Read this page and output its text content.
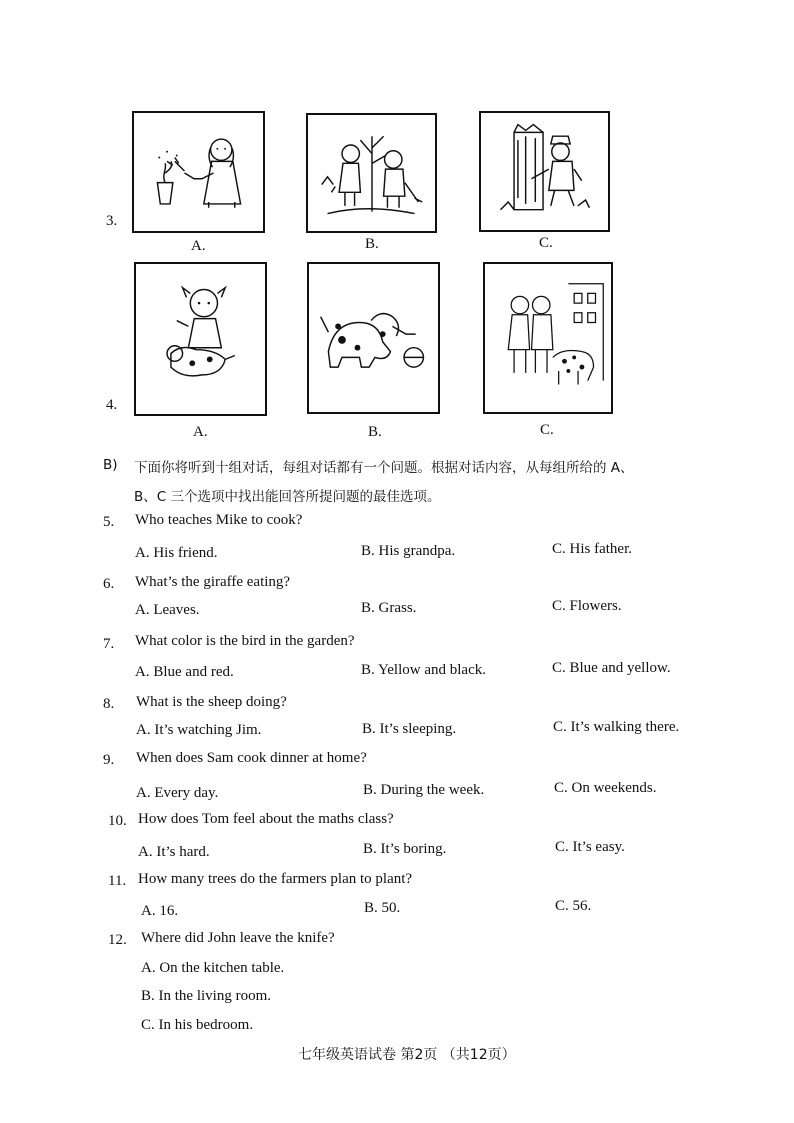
3.
A.	B.	C.
4.
A.	B.	C.
B) 下面你将听到十组对话，每组对话都有一个问题。根据对话内容，从每组所给的 A、
B、C 三个选项中找出能回答所提问题的最佳选项。
5. Who teaches Mike to cook?
A. His friend.	B. His grandpa.	C. His father.
6. What’s the giraffe eating?
A. Leaves.	B. Grass.	C. Flowers.
7. What color is the bird in the garden?
A. Blue and red.	B. Yellow and black.	C. Blue and yellow.
8. What is the sheep doing?
A. It’s watching Jim.	B. It’s sleeping.	C. It’s walking there.
9. When does Sam cook dinner at home?
A. Every day.	B. During the week.	C. On weekends.
10. How does Tom feel about the maths class?
A. It’s hard.	B. It’s boring.	C. It’s easy.
11. How many trees do the farmers plan to plant?
A. 16.	B. 50.	C. 56.
12. Where did John leave the knife?
A. On the kitchen table.
B. In the living room.
C. In his bedroom.
七年级英语试卷 第2页 （共12页）
